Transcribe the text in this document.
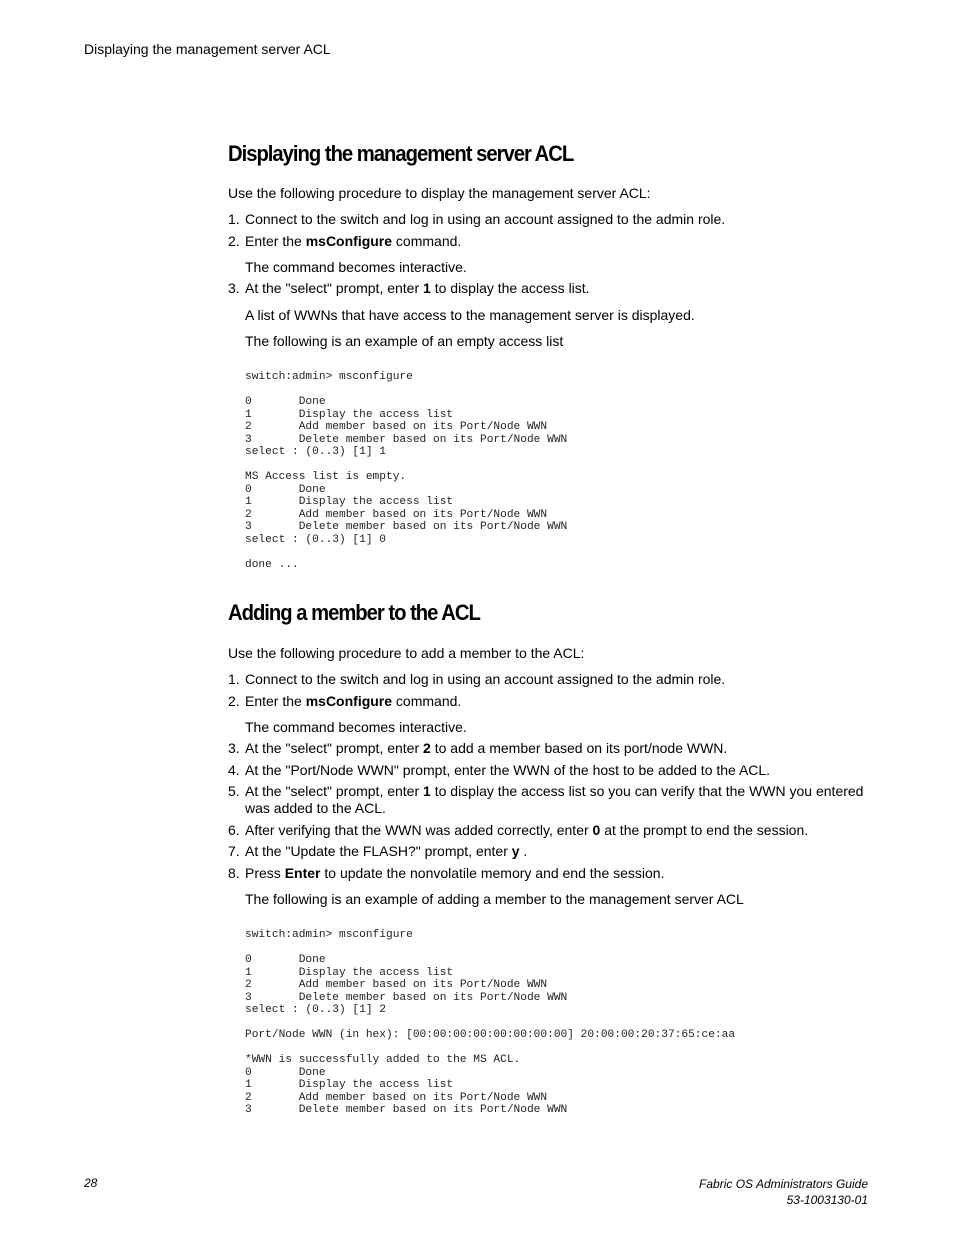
Displaying the management server ACL
Displaying the management server ACL
Use the following procedure to display the management server ACL:
1. Connect to the switch and log in using an account assigned to the admin role.
2. Enter the msConfigure command.
The command becomes interactive.
3. At the "select" prompt, enter 1 to display the access list.
A list of WWNs that have access to the management server is displayed.
The following is an example of an empty access list
switch:admin> msconfigure

0       Done
1       Display the access list
2       Add member based on its Port/Node WWN
3       Delete member based on its Port/Node WWN
select : (0..3) [1] 1

MS Access list is empty.
0       Done
1       Display the access list
2       Add member based on its Port/Node WWN
3       Delete member based on its Port/Node WWN
select : (0..3) [1] 0

done ...
Adding a member to the ACL
Use the following procedure to add a member to the ACL:
1. Connect to the switch and log in using an account assigned to the admin role.
2. Enter the msConfigure command.
The command becomes interactive.
3. At the "select" prompt, enter 2 to add a member based on its port/node WWN.
4. At the "Port/Node WWN" prompt, enter the WWN of the host to be added to the ACL.
5. At the "select" prompt, enter 1 to display the access list so you can verify that the WWN you entered was added to the ACL.
6. After verifying that the WWN was added correctly, enter 0 at the prompt to end the session.
7. At the "Update the FLASH?" prompt, enter y .
8. Press Enter to update the nonvolatile memory and end the session.
The following is an example of adding a member to the management server ACL
switch:admin> msconfigure

0       Done
1       Display the access list
2       Add member based on its Port/Node WWN
3       Delete member based on its Port/Node WWN
select : (0..3) [1] 2

Port/Node WWN (in hex): [00:00:00:00:00:00:00:00] 20:00:00:20:37:65:ce:aa

*WWN is successfully added to the MS ACL.
0       Done
1       Display the access list
2       Add member based on its Port/Node WWN
3       Delete member based on its Port/Node WWN
28	Fabric OS Administrators Guide
53-1003130-01
